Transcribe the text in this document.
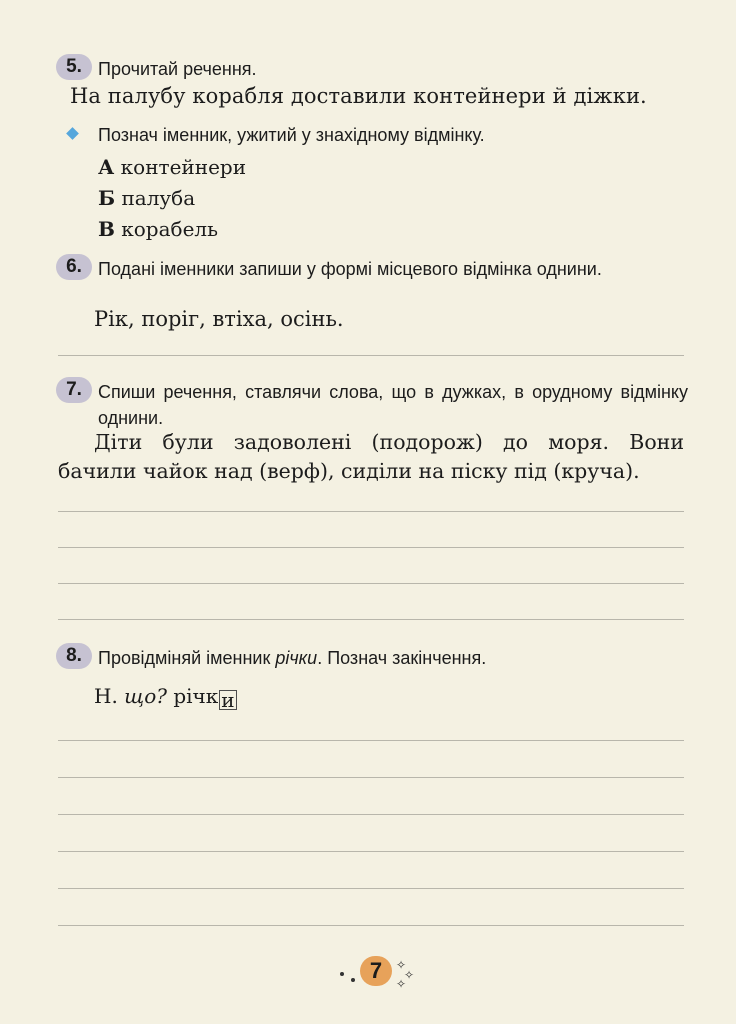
5. Прочитай речення.
На палубу корабля доставили контейнери й діжки.
Познач іменник, ужитий у знахідному відмінку.
А контейнери
Б палуба
В корабель
6. Подані іменники запиши у формі місцевого відмінка однини.
Рік, поріг, втіха, осінь.
7. Спиши речення, ставлячи слова, що в дужках, в орудному відмінку однини.
Діти були задоволені (подорож) до моря. Вони
бачили чайок над (верф), сиділи на піску під (круча).
8. Провідміняй іменник річки. Познач закінчення.
Н. що? річк и
7	✧
✧
✧
